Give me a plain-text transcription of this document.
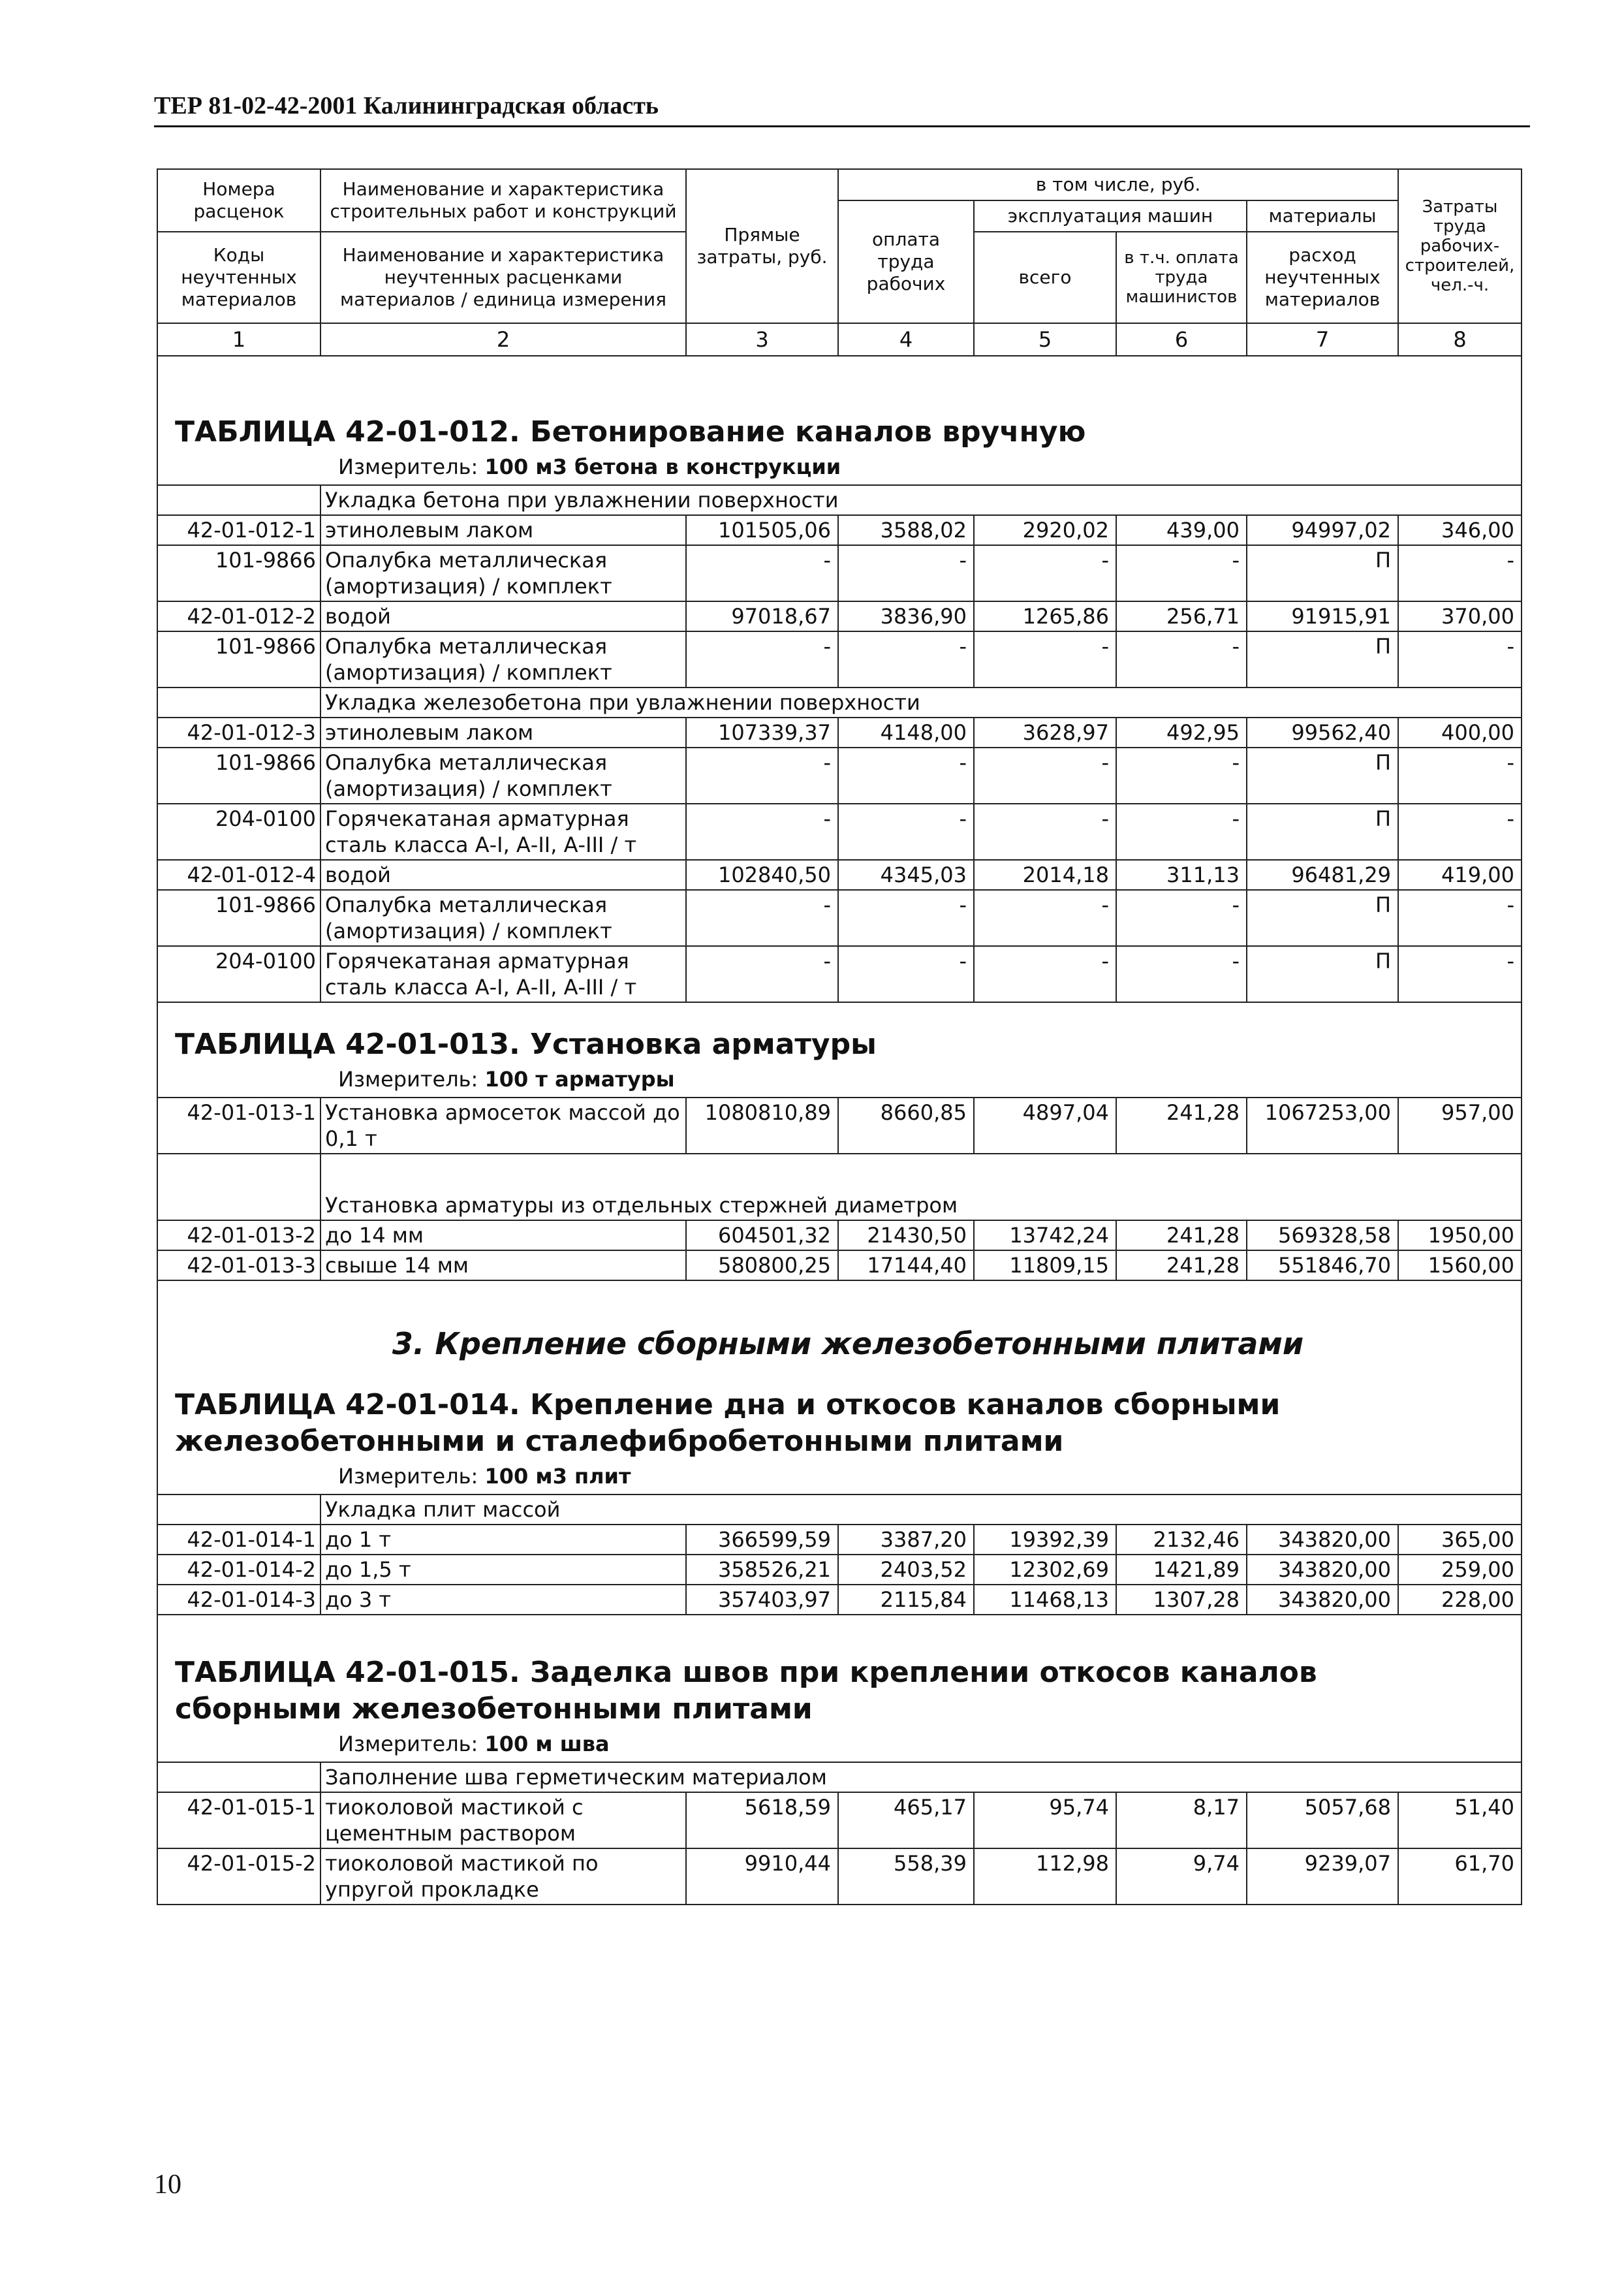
ТЕР 81-02-42-2001 Калининградская область
Номера расценок	Наименование и характеристика строительных работ и конструкций	Прямые затраты, руб.	в том числе, руб.				Затраты труда рабочих-строителей, чел.-ч.
			оплата труда рабочих	эксплуатация машин		материалы	
Коды неучтенных материалов	Наименование и характеристика неучтенных расценками материалов / единица измерения			всего	в т.ч. оплата труда машинистов	расход неучтенных материалов	

1	2	3	4	5	6	7	8

ТАБЛИЦА 42-01-012. Бетонирование каналов вручную

Измеритель: 100 м3 бетона в конструкции							

	Укладка бетона при увлажнении поверхности						
42-01-012-1	этинолевым лаком	101505,06	3588,02	2920,02	439,00	94997,02	346,00
101-9866	Опалубка металлическая (амортизация) / комплект	-	-	-	-	П	-
42-01-012-2	водой	97018,67	3836,90	1265,86	256,71	91915,91	370,00
101-9866	Опалубка металлическая (амортизация) / комплект	-	-	-	-	П	-
	Укладка железобетона при увлажнении поверхности						
42-01-012-3	этинолевым лаком	107339,37	4148,00	3628,97	492,95	99562,40	400,00
101-9866	Опалубка металлическая (амортизация) / комплект	-	-	-	-	П	-
204-0100	Горячекатаная арматурная сталь класса А-I, А-II, А-III / т	-	-	-	-	П	-
42-01-012-4	водой	102840,50	4345,03	2014,18	311,13	96481,29	419,00
101-9866	Опалубка металлическая (амортизация) / комплект	-	-	-	-	П	-
204-0100	Горячекатаная арматурная сталь класса А-I, А-II, А-III / т	-	-	-	-	П	-

ТАБЛИЦА 42-01-013. Установка арматуры

Измеритель: 100 т арматуры							

42-01-013-1	Установка армосеток массой до 0,1 т	1080810,89	8660,85	4897,04	241,28	1067253,00	957,00
	Установка арматуры из отдельных стержней диаметром						
42-01-013-2	до 14 мм	604501,32	21430,50	13742,24	241,28	569328,58	1950,00
42-01-013-3	свыше 14 мм	580800,25	17144,40	11809,15	241,28	551846,70	1560,00

3. Крепление сборными железобетонными плитами

ТАБЛИЦА 42-01-014. Крепление дна и откосов каналов сборными железобетонными и сталефибробетонными плитами

Измеритель: 100 м3 плит							

	Укладка плит массой						
42-01-014-1	до 1 т	366599,59	3387,20	19392,39	2132,46	343820,00	365,00
42-01-014-2	до 1,5 т	358526,21	2403,52	12302,69	1421,89	343820,00	259,00
42-01-014-3	до 3 т	357403,97	2115,84	11468,13	1307,28	343820,00	228,00

ТАБЛИЦА 42-01-015. Заделка швов при креплении откосов каналов сборными железобетонными плитами

Измеритель: 100 м шва							

	Заполнение шва герметическим материалом						
42-01-015-1	тиоколовой мастикой с цементным раствором	5618,59	465,17	95,74	8,17	5057,68	51,40
42-01-015-2	тиоколовой мастикой по упругой прокладке	9910,44	558,39	112,98	9,74	9239,07	61,70
10
